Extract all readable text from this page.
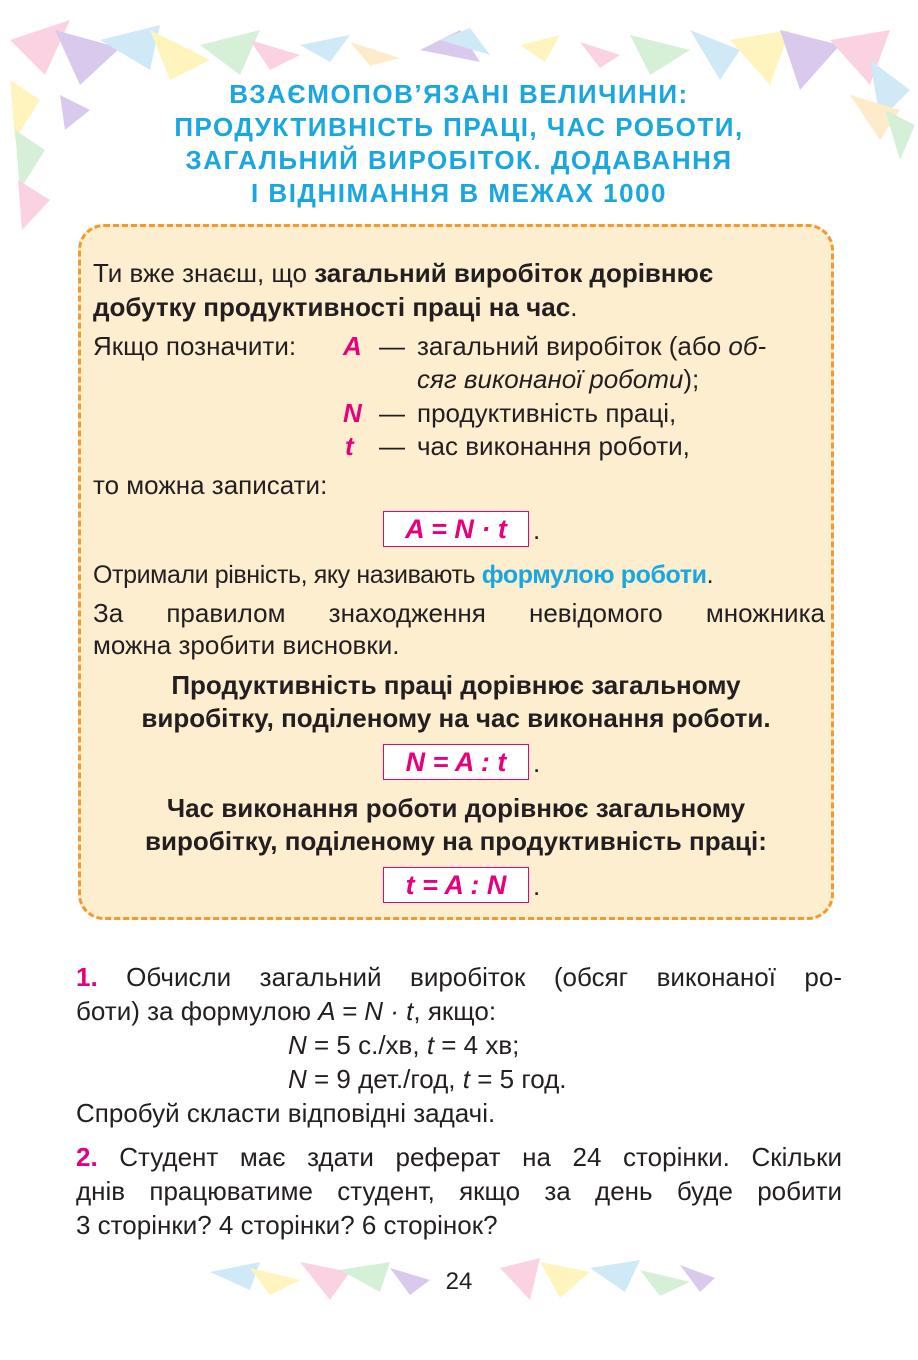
ВЗАЄМОПОВ’ЯЗАНІ ВЕЛИЧИНИ:
ПРОДУКТИВНІСТЬ ПРАЦІ, ЧАС РОБОТИ,
ЗАГАЛЬНИЙ ВИРОБІТОК. ДОДАВАННЯ
І ВІДНІМАННЯ В МЕЖАХ 1000
Ти вже знаєш, що загальний виробіток дорівнює
добутку продуктивності праці на час.
Якщо позначити: A — загальний виробіток (або об-
сяг виконаної роботи);
N — продуктивність праці,
t — час виконання роботи,
то можна записати:
A = N · t	.
Отримали рівність, яку називають формулою роботи.
За правилом знаходження невідомого множника
можна зробити висновки.
Продуктивність праці дорівнює загальному
виробітку, поділеному на час виконання роботи.
N = A : t	.
Час виконання роботи дорівнює загальному
виробітку, поділеному на продуктивність праці:
t = A : N	.
1. Обчисли загальний виробіток (обсяг виконаної ро-
боти) за формулою A = N · t, якщо:
N = 5 с./хв, t = 4 хв;
N = 9 дет./год, t = 5 год.
Спробуй скласти відповідні задачі.
2. Студент має здати реферат на 24 сторінки. Скільки
днів працюватиме студент, якщо за день буде робити
3 сторінки? 4 сторінки? 6 сторінок?
24
